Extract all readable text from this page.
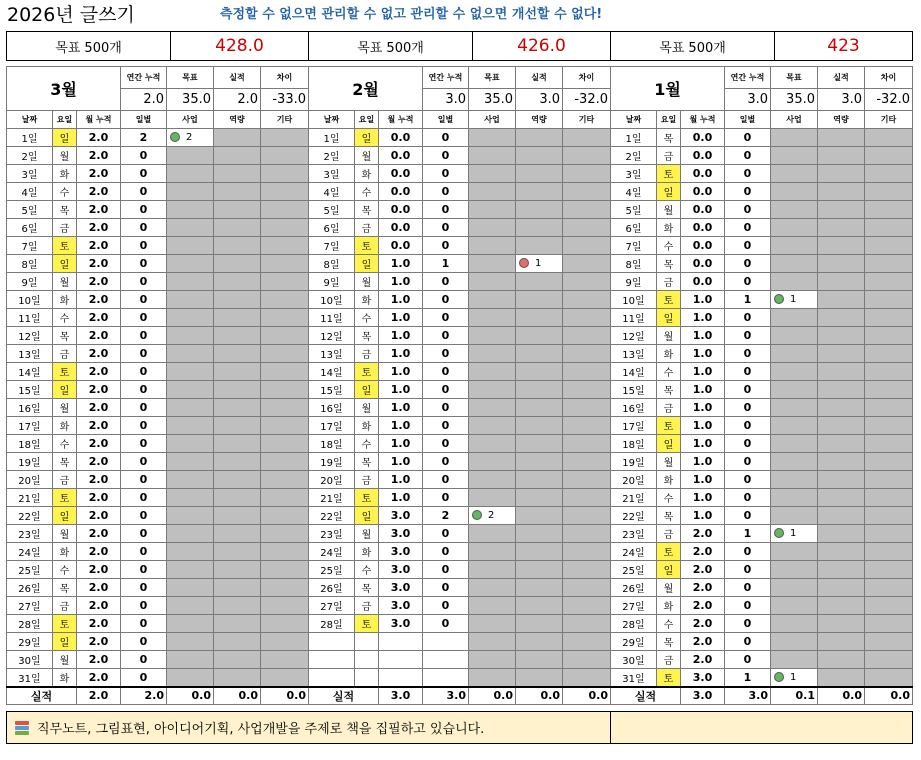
2026년 글쓰기	측정할 수 없으면 관리할 수 없고 관리할 수 없으면 개선할 수 없다!
목표 500개	428.0	목표 500개	426.0	목표 500개	423
3월			연간 누적	목표	실적	차이
			2.0	35.0	2.0	-33.0
날짜	요일	월 누적	일별	사업	역량	기타
1일	일	2.0	2	2		
2일	월	2.0	0			
3일	화	2.0	0			
4일	수	2.0	0			
5일	목	2.0	0			
6일	금	2.0	0			
7일	토	2.0	0			
8일	일	2.0	0			
9일	월	2.0	0			
10일	화	2.0	0			
11일	수	2.0	0			
12일	목	2.0	0			
13일	금	2.0	0			
14일	토	2.0	0			
15일	일	2.0	0			
16일	월	2.0	0			
17일	화	2.0	0			
18일	수	2.0	0			
19일	목	2.0	0			
20일	금	2.0	0			
21일	토	2.0	0			
22일	일	2.0	0			
23일	월	2.0	0			
24일	화	2.0	0			
25일	수	2.0	0			
26일	목	2.0	0			
27일	금	2.0	0			
28일	토	2.0	0			
29일	일	2.0	0			
30일	월	2.0	0			
31일	화	2.0	0			
실적		2.0	2.0	0.0	0.0	0.0
2월			연간 누적	목표	실적	차이
			3.0	35.0	3.0	-32.0
날짜	요일	월 누적	일별	사업	역량	기타
1일	일	0.0	0			
2일	월	0.0	0			
3일	화	0.0	0			
4일	수	0.0	0			
5일	목	0.0	0			
6일	금	0.0	0			
7일	토	0.0	0			
8일	일	1.0	1		1	
9일	월	1.0	0			
10일	화	1.0	0			
11일	수	1.0	0			
12일	목	1.0	0			
13일	금	1.0	0			
14일	토	1.0	0			
15일	일	1.0	0			
16일	월	1.0	0			
17일	화	1.0	0			
18일	수	1.0	0			
19일	목	1.0	0			
20일	금	1.0	0			
21일	토	1.0	0			
22일	일	3.0	2	2		
23일	월	3.0	0			
24일	화	3.0	0			
25일	수	3.0	0			
26일	목	3.0	0			
27일	금	3.0	0			
28일	토	3.0	0			

실적		3.0	3.0	0.0	0.0	0.0
1월			연간 누적	목표	실적	차이
			3.0	35.0	3.0	-32.0
날짜	요일	월 누적	일별	사업	역량	기타
1일	목	0.0	0			
2일	금	0.0	0			
3일	토	0.0	0			
4일	일	0.0	0			
5일	월	0.0	0			
6일	화	0.0	0			
7일	수	0.0	0			
8일	목	0.0	0			
9일	금	0.0	0			
10일	토	1.0	1	1		
11일	일	1.0	0			
12일	월	1.0	0			
13일	화	1.0	0			
14일	수	1.0	0			
15일	목	1.0	0			
16일	금	1.0	0			
17일	토	1.0	0			
18일	일	1.0	0			
19일	월	1.0	0			
20일	화	1.0	0			
21일	수	1.0	0			
22일	목	1.0	0			
23일	금	2.0	1	1		
24일	토	2.0	0			
25일	일	2.0	0			
26일	월	2.0	0			
27일	화	2.0	0			
28일	수	2.0	0			
29일	목	2.0	0			
30일	금	2.0	0			
31일	토	3.0	1	1		
실적		3.0	3.0	0.1	0.0	0.0
직무노트, 그림표현, 아이디어기획, 사업개발을 주제로 책을 집필하고 있습니다.
